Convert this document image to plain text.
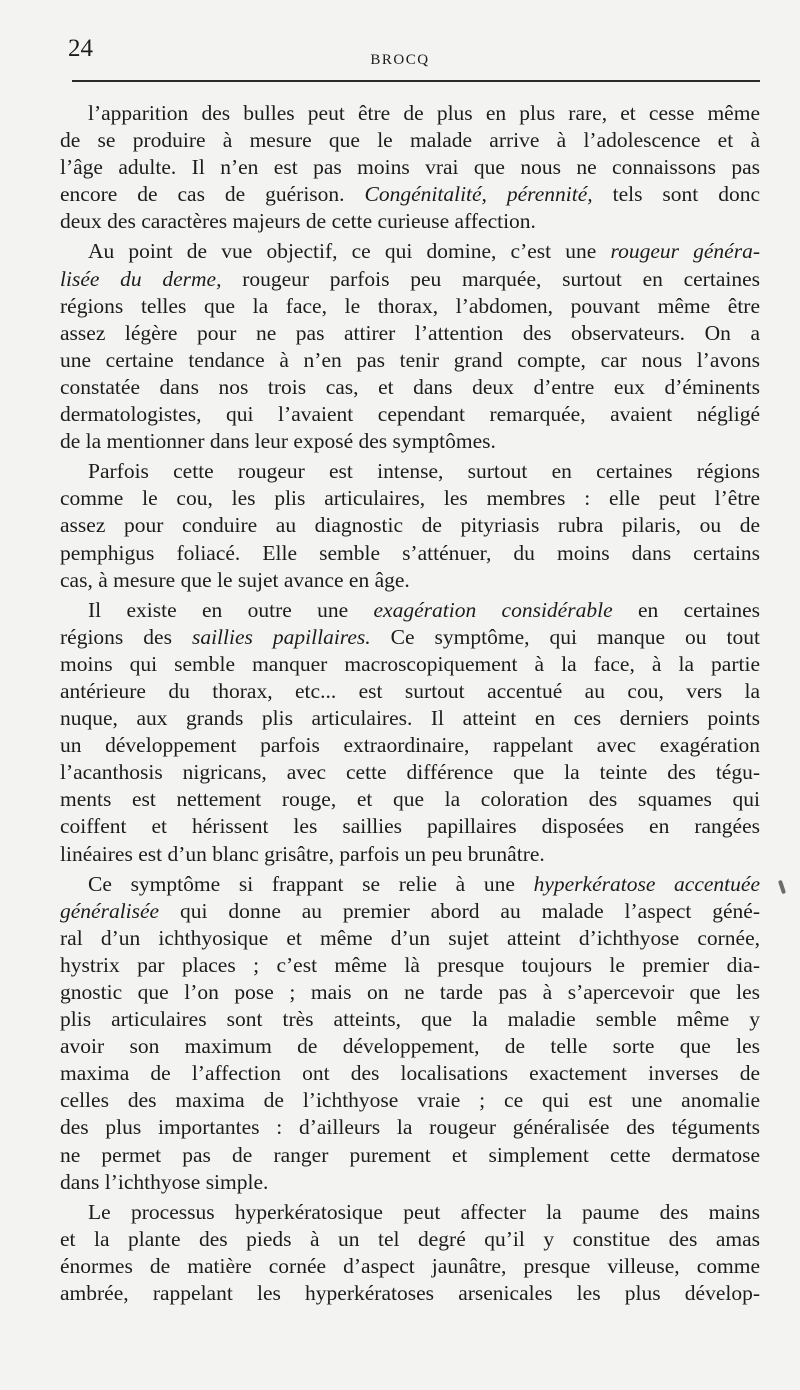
24	BROCQ
l’apparition des bulles peut être de plus en plus rare, et cesse même
de se produire à mesure que le malade arrive à l’adolescence et à
l’âge adulte. Il n’en est pas moins vrai que nous ne connaissons pas
encore de cas de guérison. Congénitalité, pérennité, tels sont donc
deux des caractères majeurs de cette curieuse affection.
Au point de vue objectif, ce qui domine, c’est une rougeur généra-
lisée du derme, rougeur parfois peu marquée, surtout en certaines
régions telles que la face, le thorax, l’abdomen, pouvant même être
assez légère pour ne pas attirer l’attention des observateurs. On a
une certaine tendance à n’en pas tenir grand compte, car nous l’avons
constatée dans nos trois cas, et dans deux d’entre eux d’éminents
dermatologistes, qui l’avaient cependant remarquée, avaient négligé
de la mentionner dans leur exposé des symptômes.
Parfois cette rougeur est intense, surtout en certaines régions
comme le cou, les plis articulaires, les membres : elle peut l’être
assez pour conduire au diagnostic de pityriasis rubra pilaris, ou de
pemphigus foliacé. Elle semble s’atténuer, du moins dans certains
cas, à mesure que le sujet avance en âge.
Il existe en outre une exagération considérable en certaines
régions des saillies papillaires. Ce symptôme, qui manque ou tout
moins qui semble manquer macroscopiquement à la face, à la partie
antérieure du thorax, etc... est surtout accentué au cou, vers la
nuque, aux grands plis articulaires. Il atteint en ces derniers points
un développement parfois extraordinaire, rappelant avec exagération
l’acanthosis nigricans, avec cette différence que la teinte des tégu-
ments est nettement rouge, et que la coloration des squames qui
coiffent et hérissent les saillies papillaires disposées en rangées
linéaires est d’un blanc grisâtre, parfois un peu brunâtre.
Ce symptôme si frappant se relie à une hyperkératose accentuée
généralisée qui donne au premier abord au malade l’aspect géné-
ral d’un ichthyosique et même d’un sujet atteint d’ichthyose cornée,
hystrix par places ; c’est même là presque toujours le premier dia-
gnostic que l’on pose ; mais on ne tarde pas à s’apercevoir que les
plis articulaires sont très atteints, que la maladie semble même y
avoir son maximum de développement, de telle sorte que les
maxima de l’affection ont des localisations exactement inverses de
celles des maxima de l’ichthyose vraie ; ce qui est une anomalie
des plus importantes : d’ailleurs la rougeur généralisée des téguments
ne permet pas de ranger purement et simplement cette dermatose
dans l’ichthyose simple.
Le processus hyperkératosique peut affecter la paume des mains
et la plante des pieds à un tel degré qu’il y constitue des amas
énormes de matière cornée d’aspect jaunâtre, presque villeuse, comme
ambrée, rappelant les hyperkératoses arsenicales les plus dévelop-
